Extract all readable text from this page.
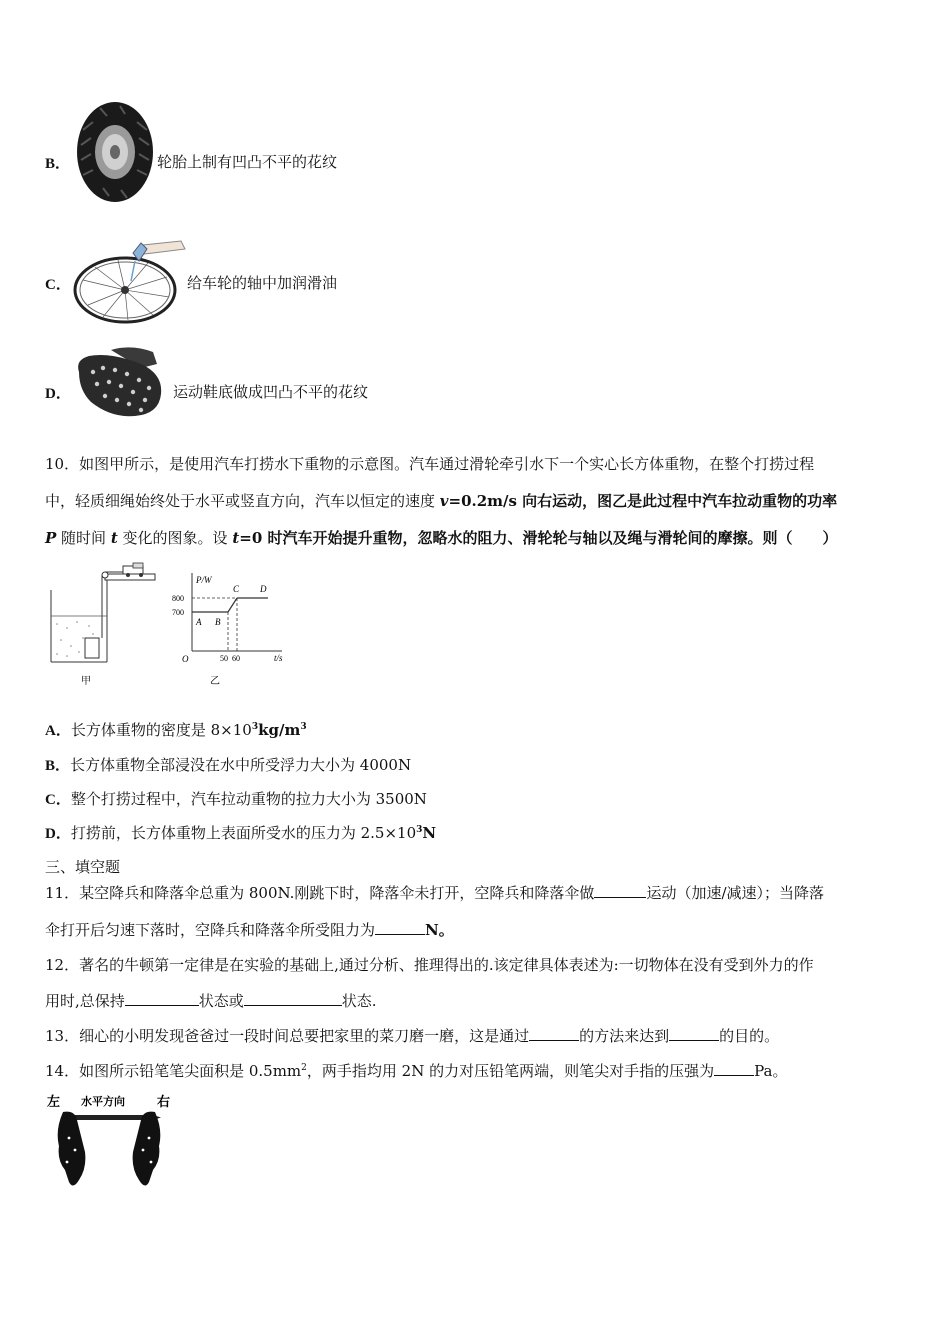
B．	轮胎上制有凹凸不平的花纹
C．	给车轮的轴中加润滑油
D．	运动鞋底做成凹凸不平的花纹
10．如图甲所示，是使用汽车打捞水下重物的示意图。汽车通过滑轮牵引水下一个实心长方体重物，在整个打捞过程
中，轻质细绳始终处于水平或竖直方向，汽车以恒定的速度 v=0.2m/s 向右运动，图乙是此过程中汽车拉动重物的功率
P 随时间 t 变化的图象。设 t=0 时汽车开始提升重物，忽略水的阻力、滑轮轮与轴以及绳与滑轮间的摩擦。则（　　）
甲
P/W
t/s
O
800
700
A B
C D
50 60
乙
A．长方体重物的密度是 $8\times 10^3kg/m^3$
B．长方体重物全部浸没在水中所受浮力大小为 4000N
C．整个打捞过程中，汽车拉动重物的拉力大小为 3500N
D．打捞前，长方体重物上表面所受水的压力为 $2.5\times 10^3N$
三、填空题
11．某空降兵和降落伞总重为 800N.刚跳下时，降落伞未打开，空降兵和降落伞做	运动（加速/减速）；当降落
伞打开后匀速下落时，空降兵和降落伞所受阻力为	N。
12．著名的牛顿第一定律是在实验的基础上,通过分析、推理得出的.该定律具体表述为:一切物体在没有受到外力的作
用时,总保持	状态或	状态.
13．细心的小明发现爸爸过一段时间总要把家里的菜刀磨一磨，这是通过	的方法来达到	的目的。
14．如图所示铅笔笔尖面积是 $0.5mm^2$，两手指均用 2N 的力对压铅笔两端，则笔尖对手指的压强为	Pa。
左 水平方向 右
